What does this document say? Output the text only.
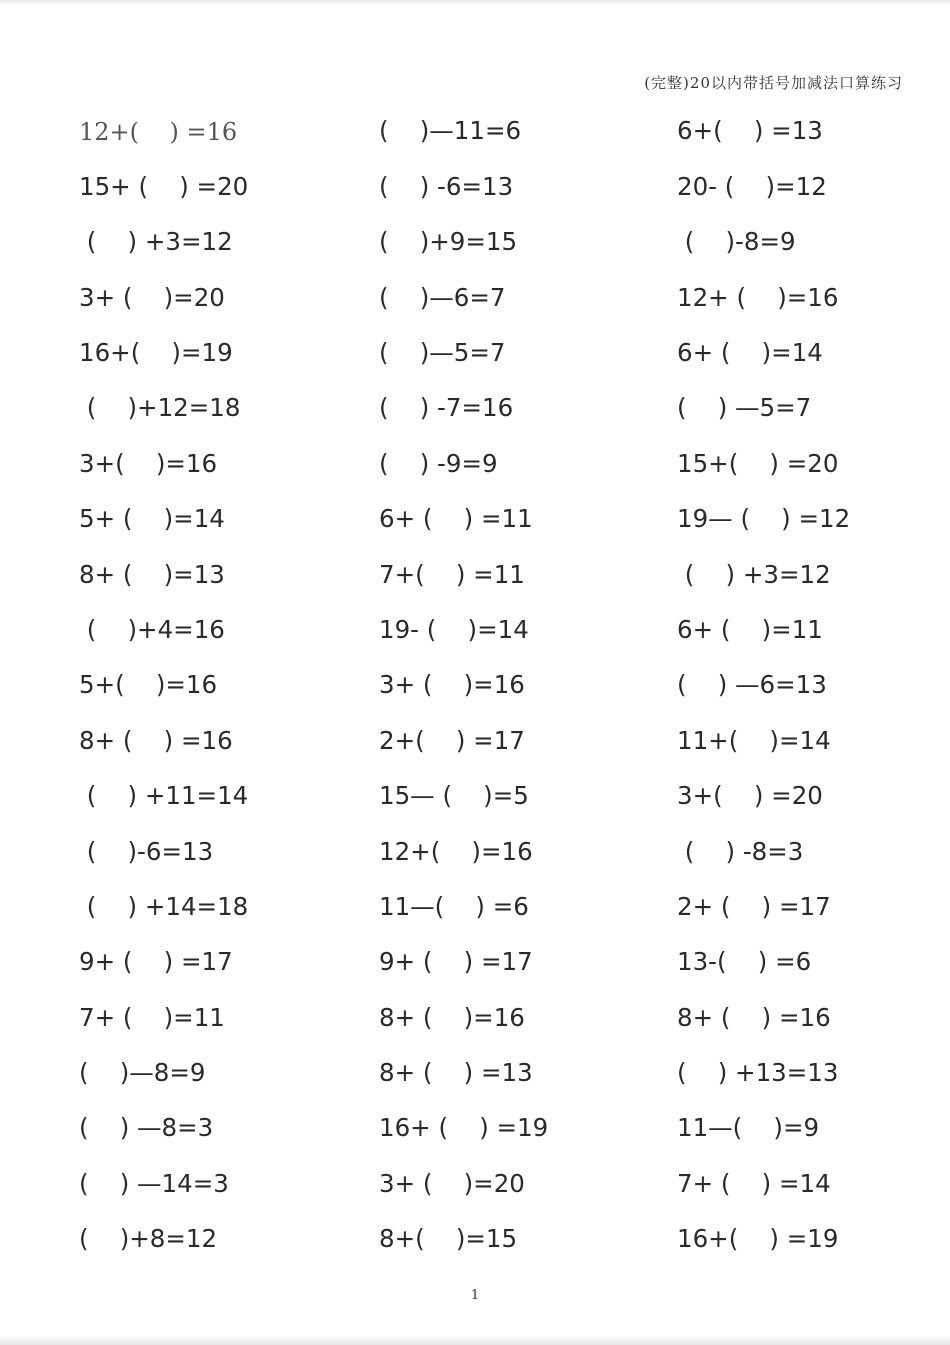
(完整)20以内带括号加减法口算练习
12+(    ) =16	(    )—11=6	6+(    ) =13
15+ (    ) =20	(    ) -6=13	20- (    )=12
(    ) +3=12	(    )+9=15	(    )-8=9
3+ (    )=20	(    )—6=7	12+ (    )=16
16+(    )=19	(    )—5=7	6+ (    )=14
(    )+12=18	(    ) -7=16	(    ) —5=7
3+(    )=16	(    ) -9=9	15+(    ) =20
5+ (    )=14	6+ (    ) =11	19— (    ) =12
8+ (    )=13	7+(    ) =11	(    ) +3=12
(    )+4=16	19- (    )=14	6+ (    )=11
5+(    )=16	3+ (    )=16	(    ) —6=13
8+ (    ) =16	2+(    ) =17	11+(    )=14
(    ) +11=14	15— (    )=5	3+(    ) =20
(    )-6=13	12+(    )=16	(    ) -8=3
(    ) +14=18	11—(    ) =6	2+ (    ) =17
9+ (    ) =17	9+ (    ) =17	13-(    ) =6
7+ (    )=11	8+ (    )=16	8+ (    ) =16
(    )—8=9	8+ (    ) =13	(    ) +13=13
(    ) —8=3	16+ (    ) =19	11—(    )=9
(    ) —14=3	3+ (    )=20	7+ (    ) =14
(    )+8=12	8+(    )=15	16+(    ) =19
1
